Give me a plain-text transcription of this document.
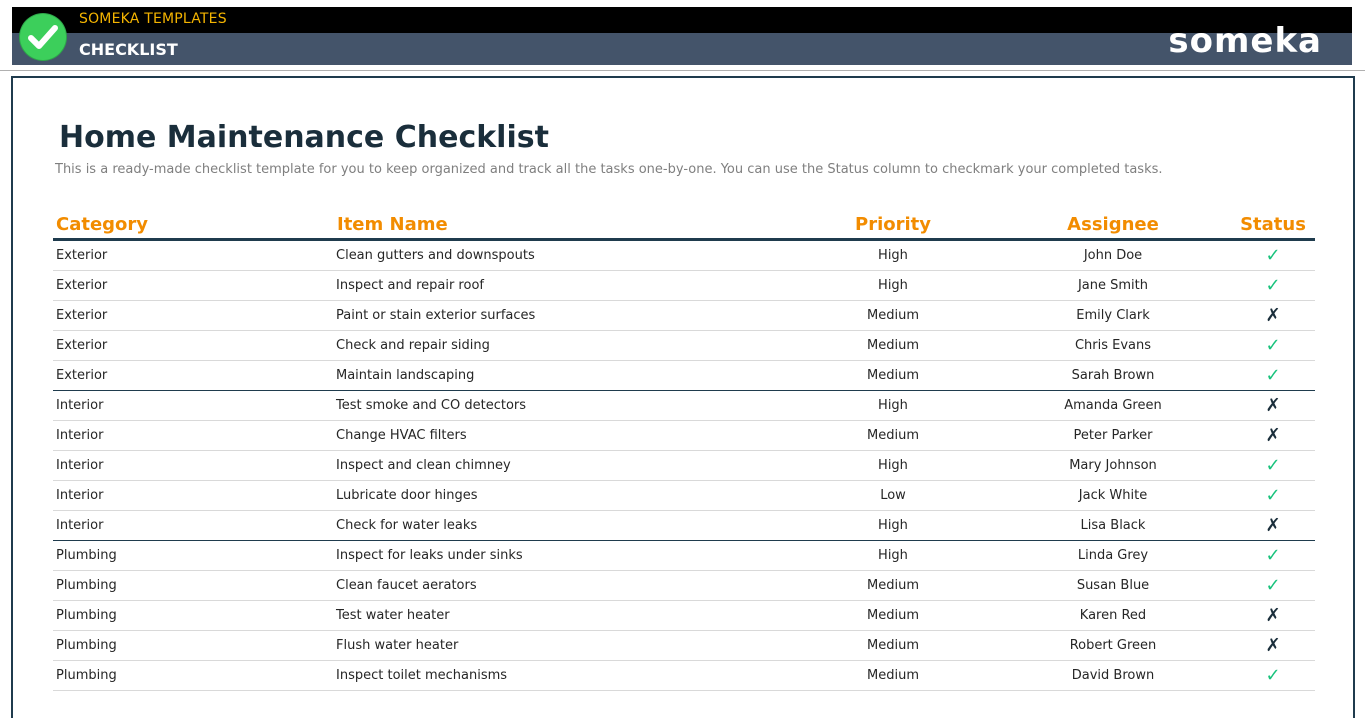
SOMEKA TEMPLATES
CHECKLIST	someka
Home Maintenance Checklist
This is a ready-made checklist template for you to keep organized and track all the tasks one-by-one. You can use the Status column to checkmark your completed tasks.
Category	Item Name	Priority	Assignee	Status
Exterior	Clean gutters and downspouts	High	John Doe	✓
Exterior	Inspect and repair roof	High	Jane Smith	✓
Exterior	Paint or stain exterior surfaces	Medium	Emily Clark	✗
Exterior	Check and repair siding	Medium	Chris Evans	✓
Exterior	Maintain landscaping	Medium	Sarah Brown	✓
Interior	Test smoke and CO detectors	High	Amanda Green	✗
Interior	Change HVAC filters	Medium	Peter Parker	✗
Interior	Inspect and clean chimney	High	Mary Johnson	✓
Interior	Lubricate door hinges	Low	Jack White	✓
Interior	Check for water leaks	High	Lisa Black	✗
Plumbing	Inspect for leaks under sinks	High	Linda Grey	✓
Plumbing	Clean faucet aerators	Medium	Susan Blue	✓
Plumbing	Test water heater	Medium	Karen Red	✗
Plumbing	Flush water heater	Medium	Robert Green	✗
Plumbing	Inspect toilet mechanisms	Medium	David Brown	✓
